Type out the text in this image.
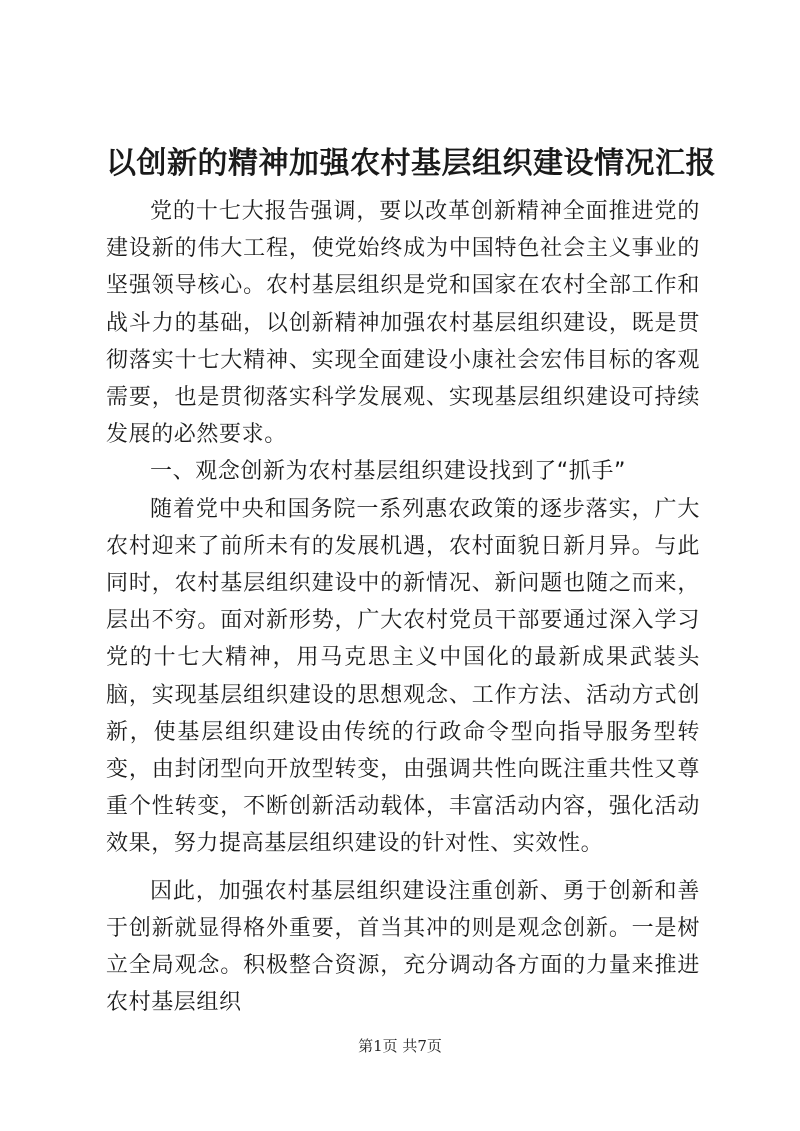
以创新的精神加强农村基层组织建设情况汇报

党的十七大报告强调，要以改革创新精神全面推进党的建设新的伟大工程，使党始终成为中国特色社会主义事业的坚强领导核心。农村基层组织是党和国家在农村全部工作和战斗力的基础，以创新精神加强农村基层组织建设，既是贯彻落实十七大精神、实现全面建设小康社会宏伟目标的客观需要，也是贯彻落实科学发展观、实现基层组织建设可持续发展的必然要求。

一、观念创新为农村基层组织建设找到了“抓手”

随着党中央和国务院一系列惠农政策的逐步落实，广大农村迎来了前所未有的发展机遇，农村面貌日新月异。与此同时，农村基层组织建设中的新情况、新问题也随之而来，层出不穷。面对新形势，广大农村党员干部要通过深入学习党的十七大精神，用马克思主义中国化的最新成果武装头脑，实现基层组织建设的思想观念、工作方法、活动方式创新，使基层组织建设由传统的行政命令型向指导服务型转变，由封闭型向开放型转变，由强调共性向既注重共性又尊重个性转变，不断创新活动载体，丰富活动内容，强化活动效果，努力提高基层组织建设的针对性、实效性。

因此，加强农村基层组织建设注重创新、勇于创新和善于创新就显得格外重要，首当其冲的则是观念创新。一是树立全局观念。积极整合资源，充分调动各方面的力量来推进农村基层组织

第1页 共7页
